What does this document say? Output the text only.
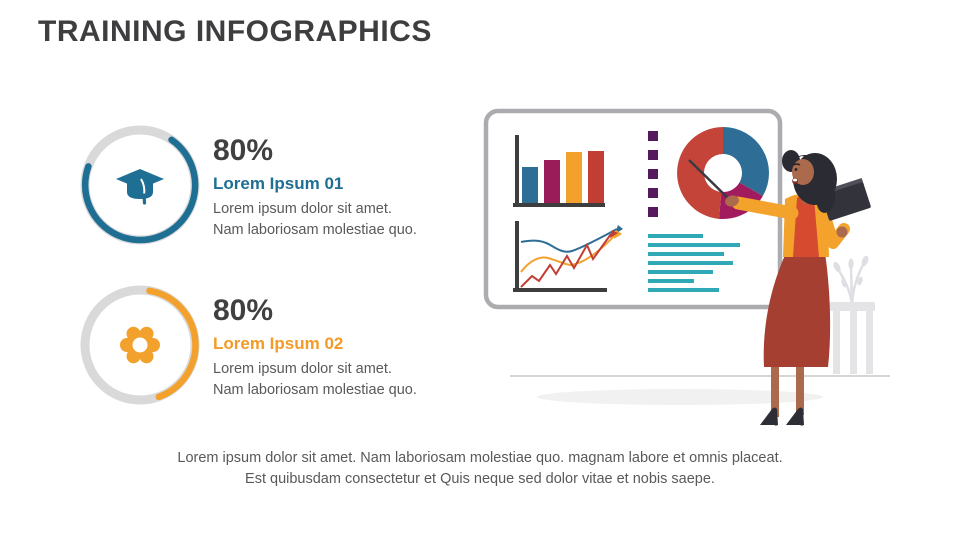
TRAINING INFOGRAPHICS
80%
Lorem Ipsum 01
Lorem ipsum dolor sit amet.
Nam laboriosam molestiae quo.
80%
Lorem Ipsum 02
Lorem ipsum dolor sit amet.
Nam laboriosam molestiae quo.
Lorem ipsum dolor sit amet. Nam laboriosam molestiae quo. magnam labore et omnis placeat.
Est quibusdam consectetur et Quis neque sed dolor vitae et nobis saepe.
